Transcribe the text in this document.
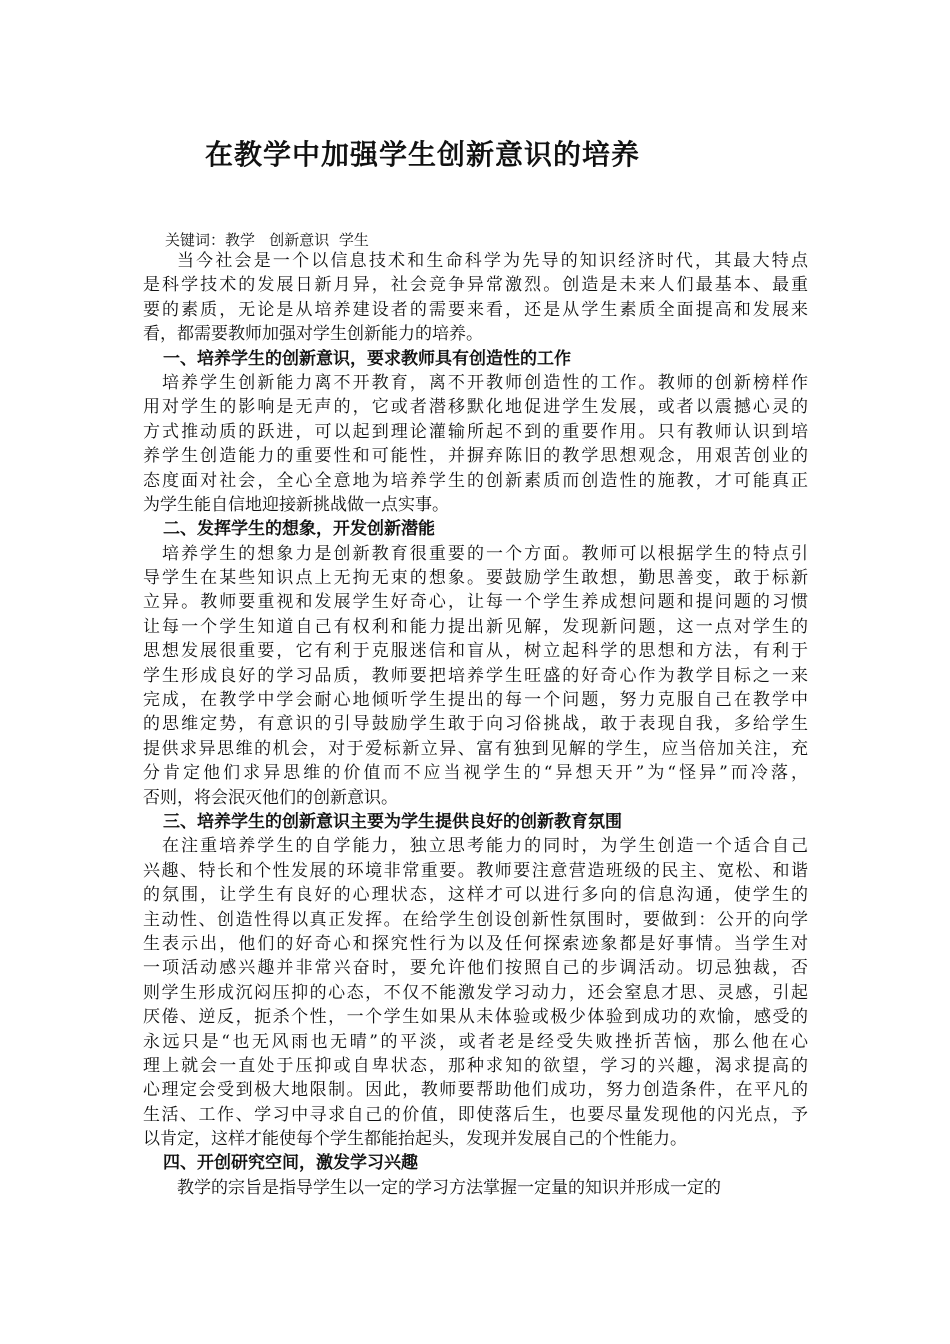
在教学中加强学生创新意识的培养
关键词：教学   创新意识  学生
当今社会是一个以信息技术和生命科学为先导的知识经济时代，其最大特点
是科学技术的发展日新月异，社会竞争异常激烈。创造是未来人们最基本、最重
要的素质，无论是从培养建设者的需要来看，还是从学生素质全面提高和发展来
看，都需要教师加强对学生创新能力的培养。
一、培养学生的创新意识，要求教师具有创造性的工作
培养学生创新能力离不开教育，离不开教师创造性的工作。教师的创新榜样作
用对学生的影响是无声的，它或者潜移默化地促进学生发展，或者以震撼心灵的
方式推动质的跃进，可以起到理论灌输所起不到的重要作用。只有教师认识到培
养学生创造能力的重要性和可能性，并摒弃陈旧的教学思想观念，用艰苦创业的
态度面对社会，全心全意地为培养学生的创新素质而创造性的施教，才可能真正
为学生能自信地迎接新挑战做一点实事。
二、发挥学生的想象，开发创新潜能
培养学生的想象力是创新教育很重要的一个方面。教师可以根据学生的特点引
导学生在某些知识点上无拘无束的想象。要鼓励学生敢想，勤思善变，敢于标新
立异。教师要重视和发展学生好奇心，让每一个学生养成想问题和提问题的习惯
让每一个学生知道自己有权利和能力提出新见解，发现新问题，这一点对学生的
思想发展很重要，它有利于克服迷信和盲从，树立起科学的思想和方法，有利于
学生形成良好的学习品质，教师要把培养学生旺盛的好奇心作为教学目标之一来
完成，在教学中学会耐心地倾听学生提出的每一个问题，努力克服自己在教学中
的思维定势，有意识的引导鼓励学生敢于向习俗挑战，敢于表现自我，多给学生
提供求异思维的机会，对于爱标新立异、富有独到见解的学生，应当倍加关注，充
分肯定他们求异思维的价值而不应当视学生的“异想天开”为“怪异”而冷落，
否则，将会泯灭他们的创新意识。
三、培养学生的创新意识主要为学生提供良好的创新教育氛围
在注重培养学生的自学能力，独立思考能力的同时，为学生创造一个适合自己
兴趣、特长和个性发展的环境非常重要。教师要注意营造班级的民主、宽松、和谐
的氛围，让学生有良好的心理状态，这样才可以进行多向的信息沟通，使学生的
主动性、创造性得以真正发挥。在给学生创设创新性氛围时，要做到：公开的向学
生表示出，他们的好奇心和探究性行为以及任何探索迹象都是好事情。当学生对
一项活动感兴趣并非常兴奋时，要允许他们按照自己的步调活动。切忌独裁，否
则学生形成沉闷压抑的心态，不仅不能激发学习动力，还会窒息才思、灵感，引起
厌倦、逆反，扼杀个性，一个学生如果从未体验或极少体验到成功的欢愉，感受的
永远只是“也无风雨也无晴”的平淡，或者老是经受失败挫折苦恼，那么他在心
理上就会一直处于压抑或自卑状态，那种求知的欲望，学习的兴趣，渴求提高的
心理定会受到极大地限制。因此，教师要帮助他们成功，努力创造条件，在平凡的
生活、工作、学习中寻求自己的价值，即使落后生，也要尽量发现他的闪光点，予
以肯定，这样才能使每个学生都能抬起头，发现并发展自己的个性能力。
四、开创研究空间，激发学习兴趣
教学的宗旨是指导学生以一定的学习方法掌握一定量的知识并形成一定的
